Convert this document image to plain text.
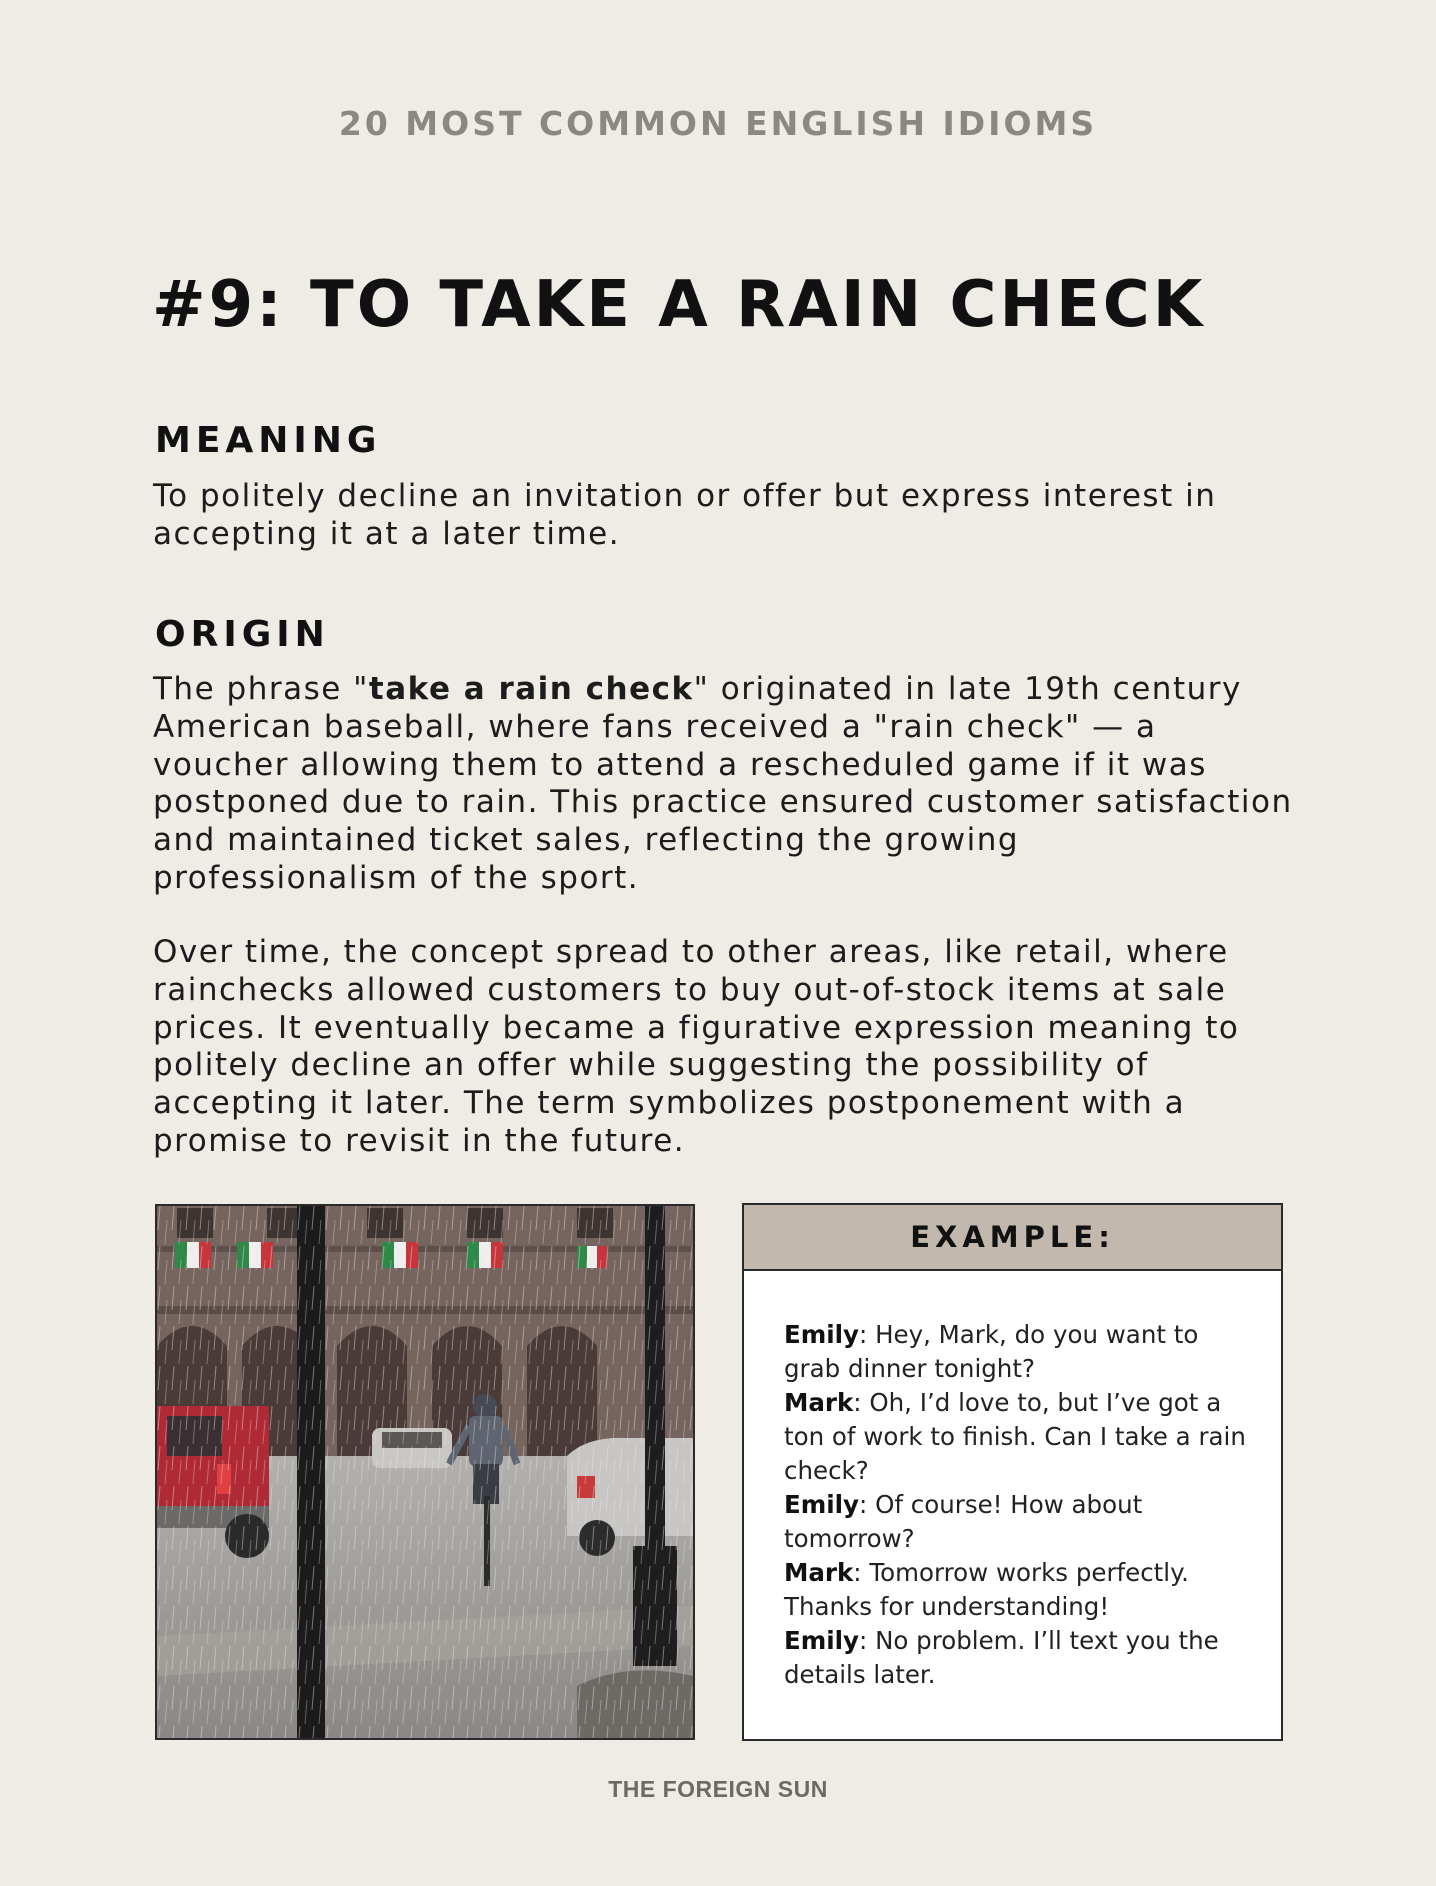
20 MOST COMMON ENGLISH IDIOMS
#9: TO TAKE A RAIN CHECK
MEANING

To politely decline an invitation or offer but express interest in accepting it at a later time.

ORIGIN

The phrase "take a rain check" originated in late 19th century American baseball, where fans received a "rain check" — a voucher allowing them to attend a rescheduled game if it was postponed due to rain. This practice ensured customer satisfaction and maintained ticket sales, reflecting the growing professionalism of the sport.

Over time, the concept spread to other areas, like retail, where rainchecks allowed customers to buy out-of-stock items at sale prices. It eventually became a figurative expression meaning to politely decline an offer while suggesting the possibility of accepting it later. The term symbolizes postponement with a promise to revisit in the future.

EXAMPLE:

Emily: Hey, Mark, do you want to grab dinner tonight?

Mark: Oh, I’d love to, but I’ve got a ton of work to finish. Can I take a rain check?

Emily: Of course! How about tomorrow?

Mark: Tomorrow works perfectly. Thanks for understanding!

Emily: No problem. I’ll text you the details later.

THE FOREIGN SUN
